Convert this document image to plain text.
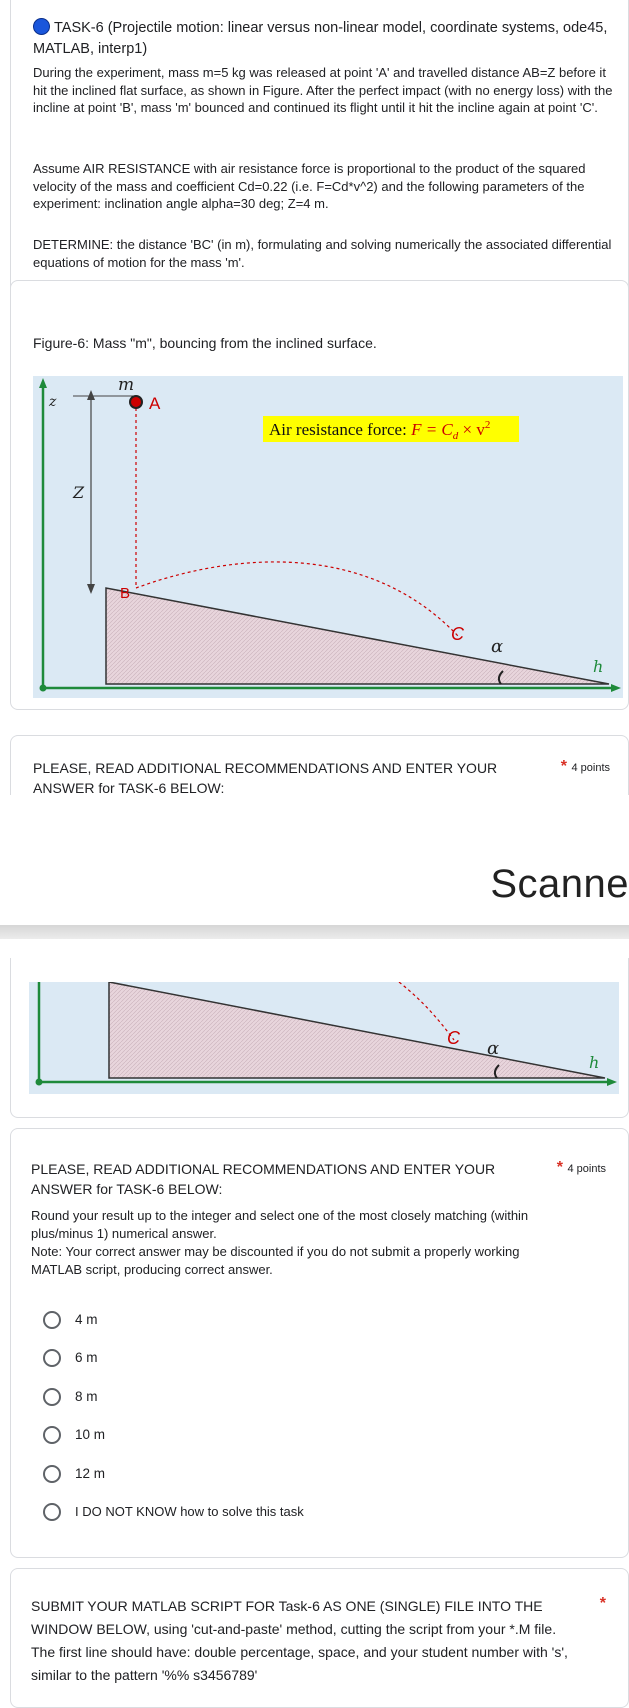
TASK-6 (Projectile motion: linear versus non-linear model, coordinate systems, ode45, MATLAB, interp1)
During the experiment, mass m=5 kg was released at point 'A' and travelled distance AB=Z before it hit the inclined flat surface, as shown in Figure. After the perfect impact (with no energy loss) with the incline at point 'B', mass 'm' bounced and continued its flight until it hit the incline again at point 'C'.
Assume AIR RESISTANCE with air resistance force is proportional to the product of the squared velocity of the mass and coefficient Cd=0.22 (i.e. F=Cd*v^2) and the following parameters of the experiment: inclination angle alpha=30 deg; Z=4 m.
DETERMINE: the distance 'BC' (in m), formulating and solving numerically the associated differential equations of motion for the mass 'm'.
Figure-6: Mass "m", bouncing from the inclined surface.
m
A
B
C
α
h
z
Z
Air resistance force: $F = C_d \times v^2$
PLEASE, READ ADDITIONAL RECOMMENDATIONS AND ENTER YOUR ANSWER for TASK-6 BELOW:
* 4 points
Scanne
C α
h
PLEASE, READ ADDITIONAL RECOMMENDATIONS AND ENTER YOUR ANSWER for TASK-6 BELOW:
* 4 points
Round your result up to the integer and select one of the most closely matching (within plus/minus 1) numerical answer.
Note: Your correct answer may be discounted if you do not submit a properly working MATLAB script, producing correct answer.
4 m
6 m
8 m
10 m
12 m
I DO NOT KNOW how to solve this task
SUBMIT YOUR MATLAB SCRIPT FOR Task-6 AS ONE (SINGLE) FILE INTO THE WINDOW BELOW, using 'cut-and-paste' method, cutting the script from your *.M file. The first line should have: double percentage, space, and your student number with 's', similar to the pattern '%% s3456789'
*
